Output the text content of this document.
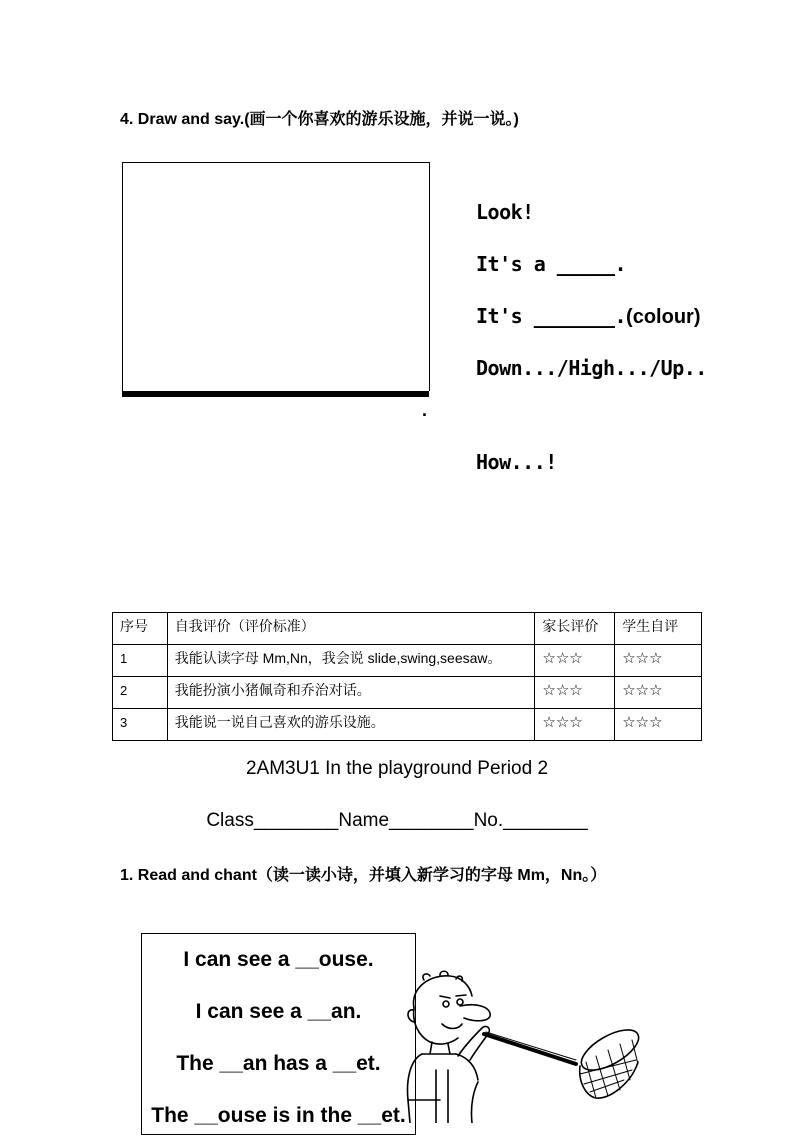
4. Draw and say.(画一个你喜欢的游乐设施，并说一说。)
.
Look!
It's a _____.
It's _______.(colour)
Down.../High.../Up..
How...!
序号	自我评价（评价标准）	家长评价	学生自评
1	我能认读字母 Mm,Nn，我会说 slide,swing,seesaw。	☆☆☆	☆☆☆
2	我能扮演小猪佩奇和乔治对话。	☆☆☆	☆☆☆
3	我能说一说自己喜欢的游乐设施。	☆☆☆	☆☆☆
2AM3U1 In the playground Period 2
Class________Name________No.________
1. Read and chant（读一读小诗，并填入新学习的字母 Mm，Nn。）
I can see a __ouse.
I can see a __an.
The __an has a __et.
The __ouse is in the __et.
